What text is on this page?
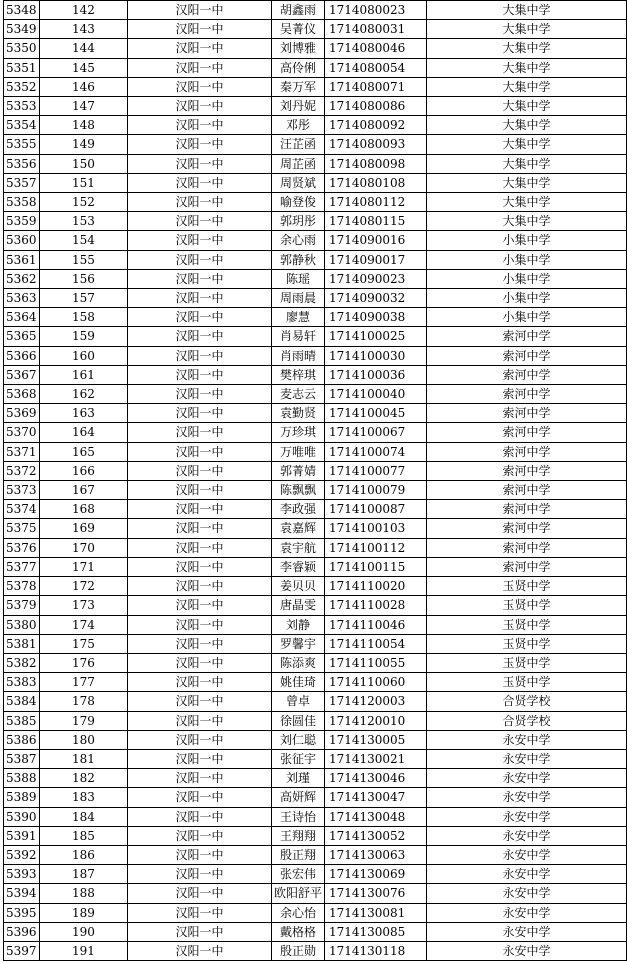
5348	142	汉阳一中	胡鑫雨	1714080023	大集中学
5349	143	汉阳一中	吴菁仪	1714080031	大集中学
5350	144	汉阳一中	刘博雅	1714080046	大集中学
5351	145	汉阳一中	高伶俐	1714080054	大集中学
5352	146	汉阳一中	秦万军	1714080071	大集中学
5353	147	汉阳一中	刘丹妮	1714080086	大集中学
5354	148	汉阳一中	邓彤	1714080092	大集中学
5355	149	汉阳一中	汪芷函	1714080093	大集中学
5356	150	汉阳一中	周芷函	1714080098	大集中学
5357	151	汉阳一中	周贤斌	1714080108	大集中学
5358	152	汉阳一中	喻登俊	1714080112	大集中学
5359	153	汉阳一中	郭玥彤	1714080115	大集中学
5360	154	汉阳一中	余心雨	1714090016	小集中学
5361	155	汉阳一中	郭静秋	1714090017	小集中学
5362	156	汉阳一中	陈瑶	1714090023	小集中学
5363	157	汉阳一中	周雨晨	1714090032	小集中学
5364	158	汉阳一中	廖慧	1714090038	小集中学
5365	159	汉阳一中	肖易轩	1714100025	索河中学
5366	160	汉阳一中	肖雨晴	1714100030	索河中学
5367	161	汉阳一中	樊梓琪	1714100036	索河中学
5368	162	汉阳一中	麦志云	1714100040	索河中学
5369	163	汉阳一中	袁勤贤	1714100045	索河中学
5370	164	汉阳一中	万珍琪	1714100067	索河中学
5371	165	汉阳一中	万唯唯	1714100074	索河中学
5372	166	汉阳一中	郭菁婧	1714100077	索河中学
5373	167	汉阳一中	陈飘飘	1714100079	索河中学
5374	168	汉阳一中	李政强	1714100087	索河中学
5375	169	汉阳一中	袁嘉辉	1714100103	索河中学
5376	170	汉阳一中	袁宇航	1714100112	索河中学
5377	171	汉阳一中	李睿颖	1714100115	索河中学
5378	172	汉阳一中	姜贝贝	1714110020	玉贤中学
5379	173	汉阳一中	唐晶雯	1714110028	玉贤中学
5380	174	汉阳一中	刘静	1714110046	玉贤中学
5381	175	汉阳一中	罗馨宇	1714110054	玉贤中学
5382	176	汉阳一中	陈添爽	1714110055	玉贤中学
5383	177	汉阳一中	姚佳琦	1714110060	玉贤中学
5384	178	汉阳一中	曾卓	1714120003	合贤学校
5385	179	汉阳一中	徐圆佳	1714120010	合贤学校
5386	180	汉阳一中	刘仁聪	1714130005	永安中学
5387	181	汉阳一中	张征宇	1714130021	永安中学
5388	182	汉阳一中	刘瑾	1714130046	永安中学
5389	183	汉阳一中	高妍辉	1714130047	永安中学
5390	184	汉阳一中	王诗怡	1714130048	永安中学
5391	185	汉阳一中	王翔翔	1714130052	永安中学
5392	186	汉阳一中	殷正翔	1714130063	永安中学
5393	187	汉阳一中	张宏伟	1714130069	永安中学
5394	188	汉阳一中	欧阳舒平	1714130076	永安中学
5395	189	汉阳一中	余心怡	1714130081	永安中学
5396	190	汉阳一中	戴格格	1714130085	永安中学
5397	191	汉阳一中	殷正勋	1714130118	永安中学
